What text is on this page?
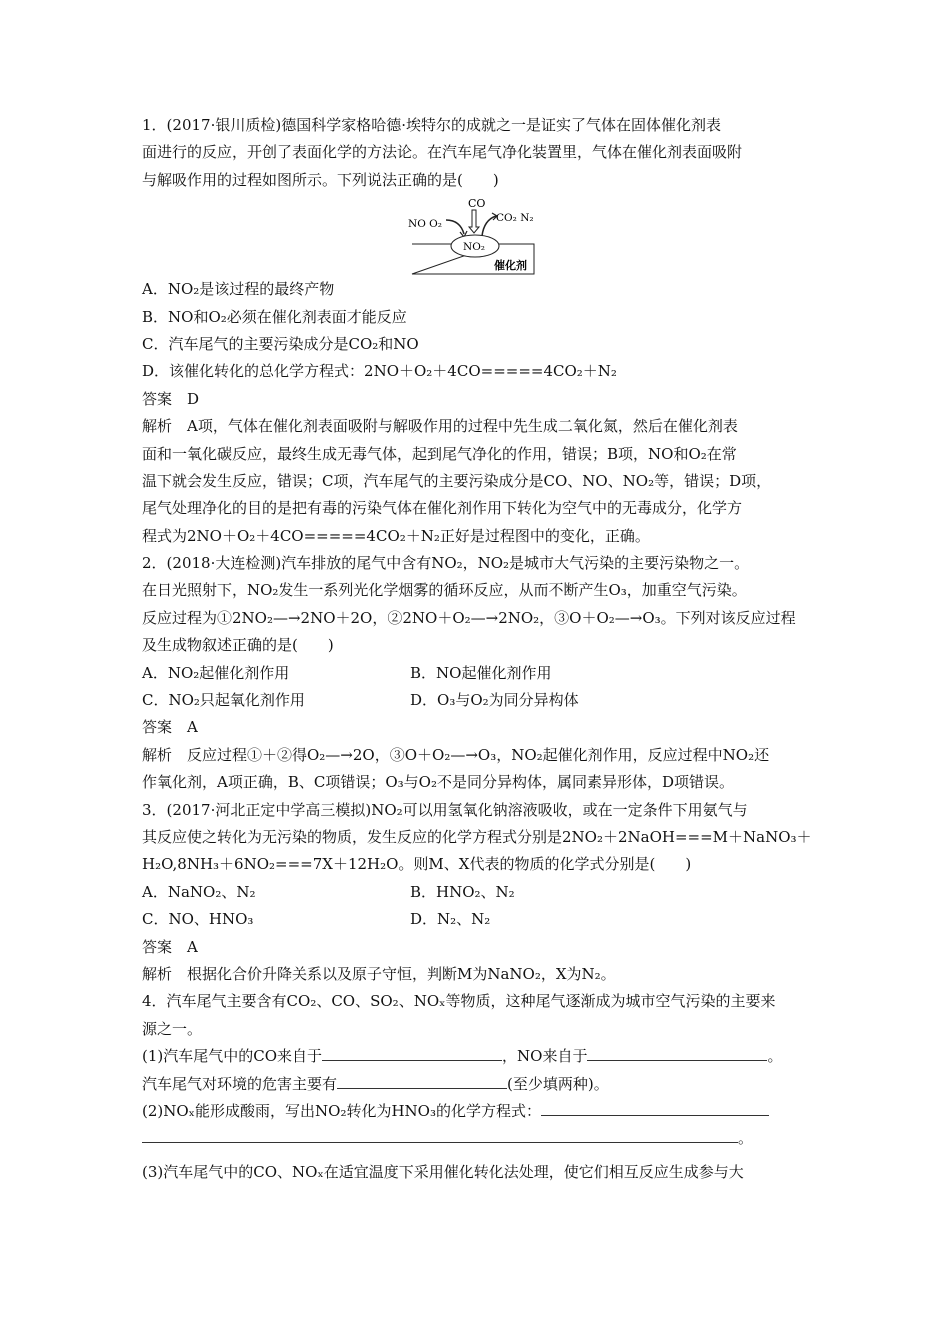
1．(2017·银川质检)德国科学家格哈德·埃特尔的成就之一是证实了气体在固体催化剂表
面进行的反应，开创了表面化学的方法论。在汽车尾气净化装置里，气体在催化剂表面吸附
与解吸作用的过程如图所示。下列说法正确的是(　　)
CO
NO O₂	CO₂ N₂
NO₂
催化剂
A．NO₂是该过程的最终产物
B．NO和O₂必须在催化剂表面才能反应
C．汽车尾气的主要污染成分是CO₂和NO
D．该催化转化的总化学方程式：2NO＋O₂＋4CO=====4CO₂＋N₂
答案　D
解析　A项，气体在催化剂表面吸附与解吸作用的过程中先生成二氧化氮，然后在催化剂表
面和一氧化碳反应，最终生成无毒气体，起到尾气净化的作用，错误；B项，NO和O₂在常
温下就会发生反应，错误；C项，汽车尾气的主要污染成分是CO、NO、NO₂等，错误；D项，
尾气处理净化的目的是把有毒的污染气体在催化剂作用下转化为空气中的无毒成分，化学方
程式为2NO＋O₂＋4CO=====4CO₂＋N₂正好是过程图中的变化，正确。
2．(2018·大连检测)汽车排放的尾气中含有NO₂，NO₂是城市大气污染的主要污染物之一。
在日光照射下，NO₂发生一系列光化学烟雾的循环反应，从而不断产生O₃，加重空气污染。
反应过程为①2NO₂—→2NO＋2O，②2NO＋O₂—→2NO₂，③O＋O₂—→O₃。下列对该反应过程
及生成物叙述正确的是(　　)
A．NO₂起催化剂作用	B．NO起催化剂作用
C．NO₂只起氧化剂作用	D．O₃与O₂为同分异构体
答案　A
解析　反应过程①＋②得O₂—→2O，③O＋O₂—→O₃，NO₂起催化剂作用，反应过程中NO₂还
作氧化剂，A项正确，B、C项错误；O₃与O₂不是同分异构体，属同素异形体，D项错误。
3．(2017·河北正定中学高三模拟)NO₂可以用氢氧化钠溶液吸收，或在一定条件下用氨气与
其反应使之转化为无污染的物质，发生反应的化学方程式分别是2NO₂＋2NaOH===M＋NaNO₃＋
H₂O,8NH₃＋6NO₂===7X＋12H₂O。则M、X代表的物质的化学式分别是(　　)
A．NaNO₂、N₂	B．HNO₂、N₂
C．NO、HNO₃	D．N₂、N₂
答案　A
解析　根据化合价升降关系以及原子守恒，判断M为NaNO₂，X为N₂。
4．汽车尾气主要含有CO₂、CO、SO₂、NOₓ等物质，这种尾气逐渐成为城市空气污染的主要来
源之一。
(1)汽车尾气中的CO来自于	，NO来自于	。
汽车尾气对环境的危害主要有	(至少填两种)。
(2)NOₓ能形成酸雨，写出NO₂转化为HNO₃的化学方程式：
。
(3)汽车尾气中的CO、NOₓ在适宜温度下采用催化转化法处理，使它们相互反应生成参与大
